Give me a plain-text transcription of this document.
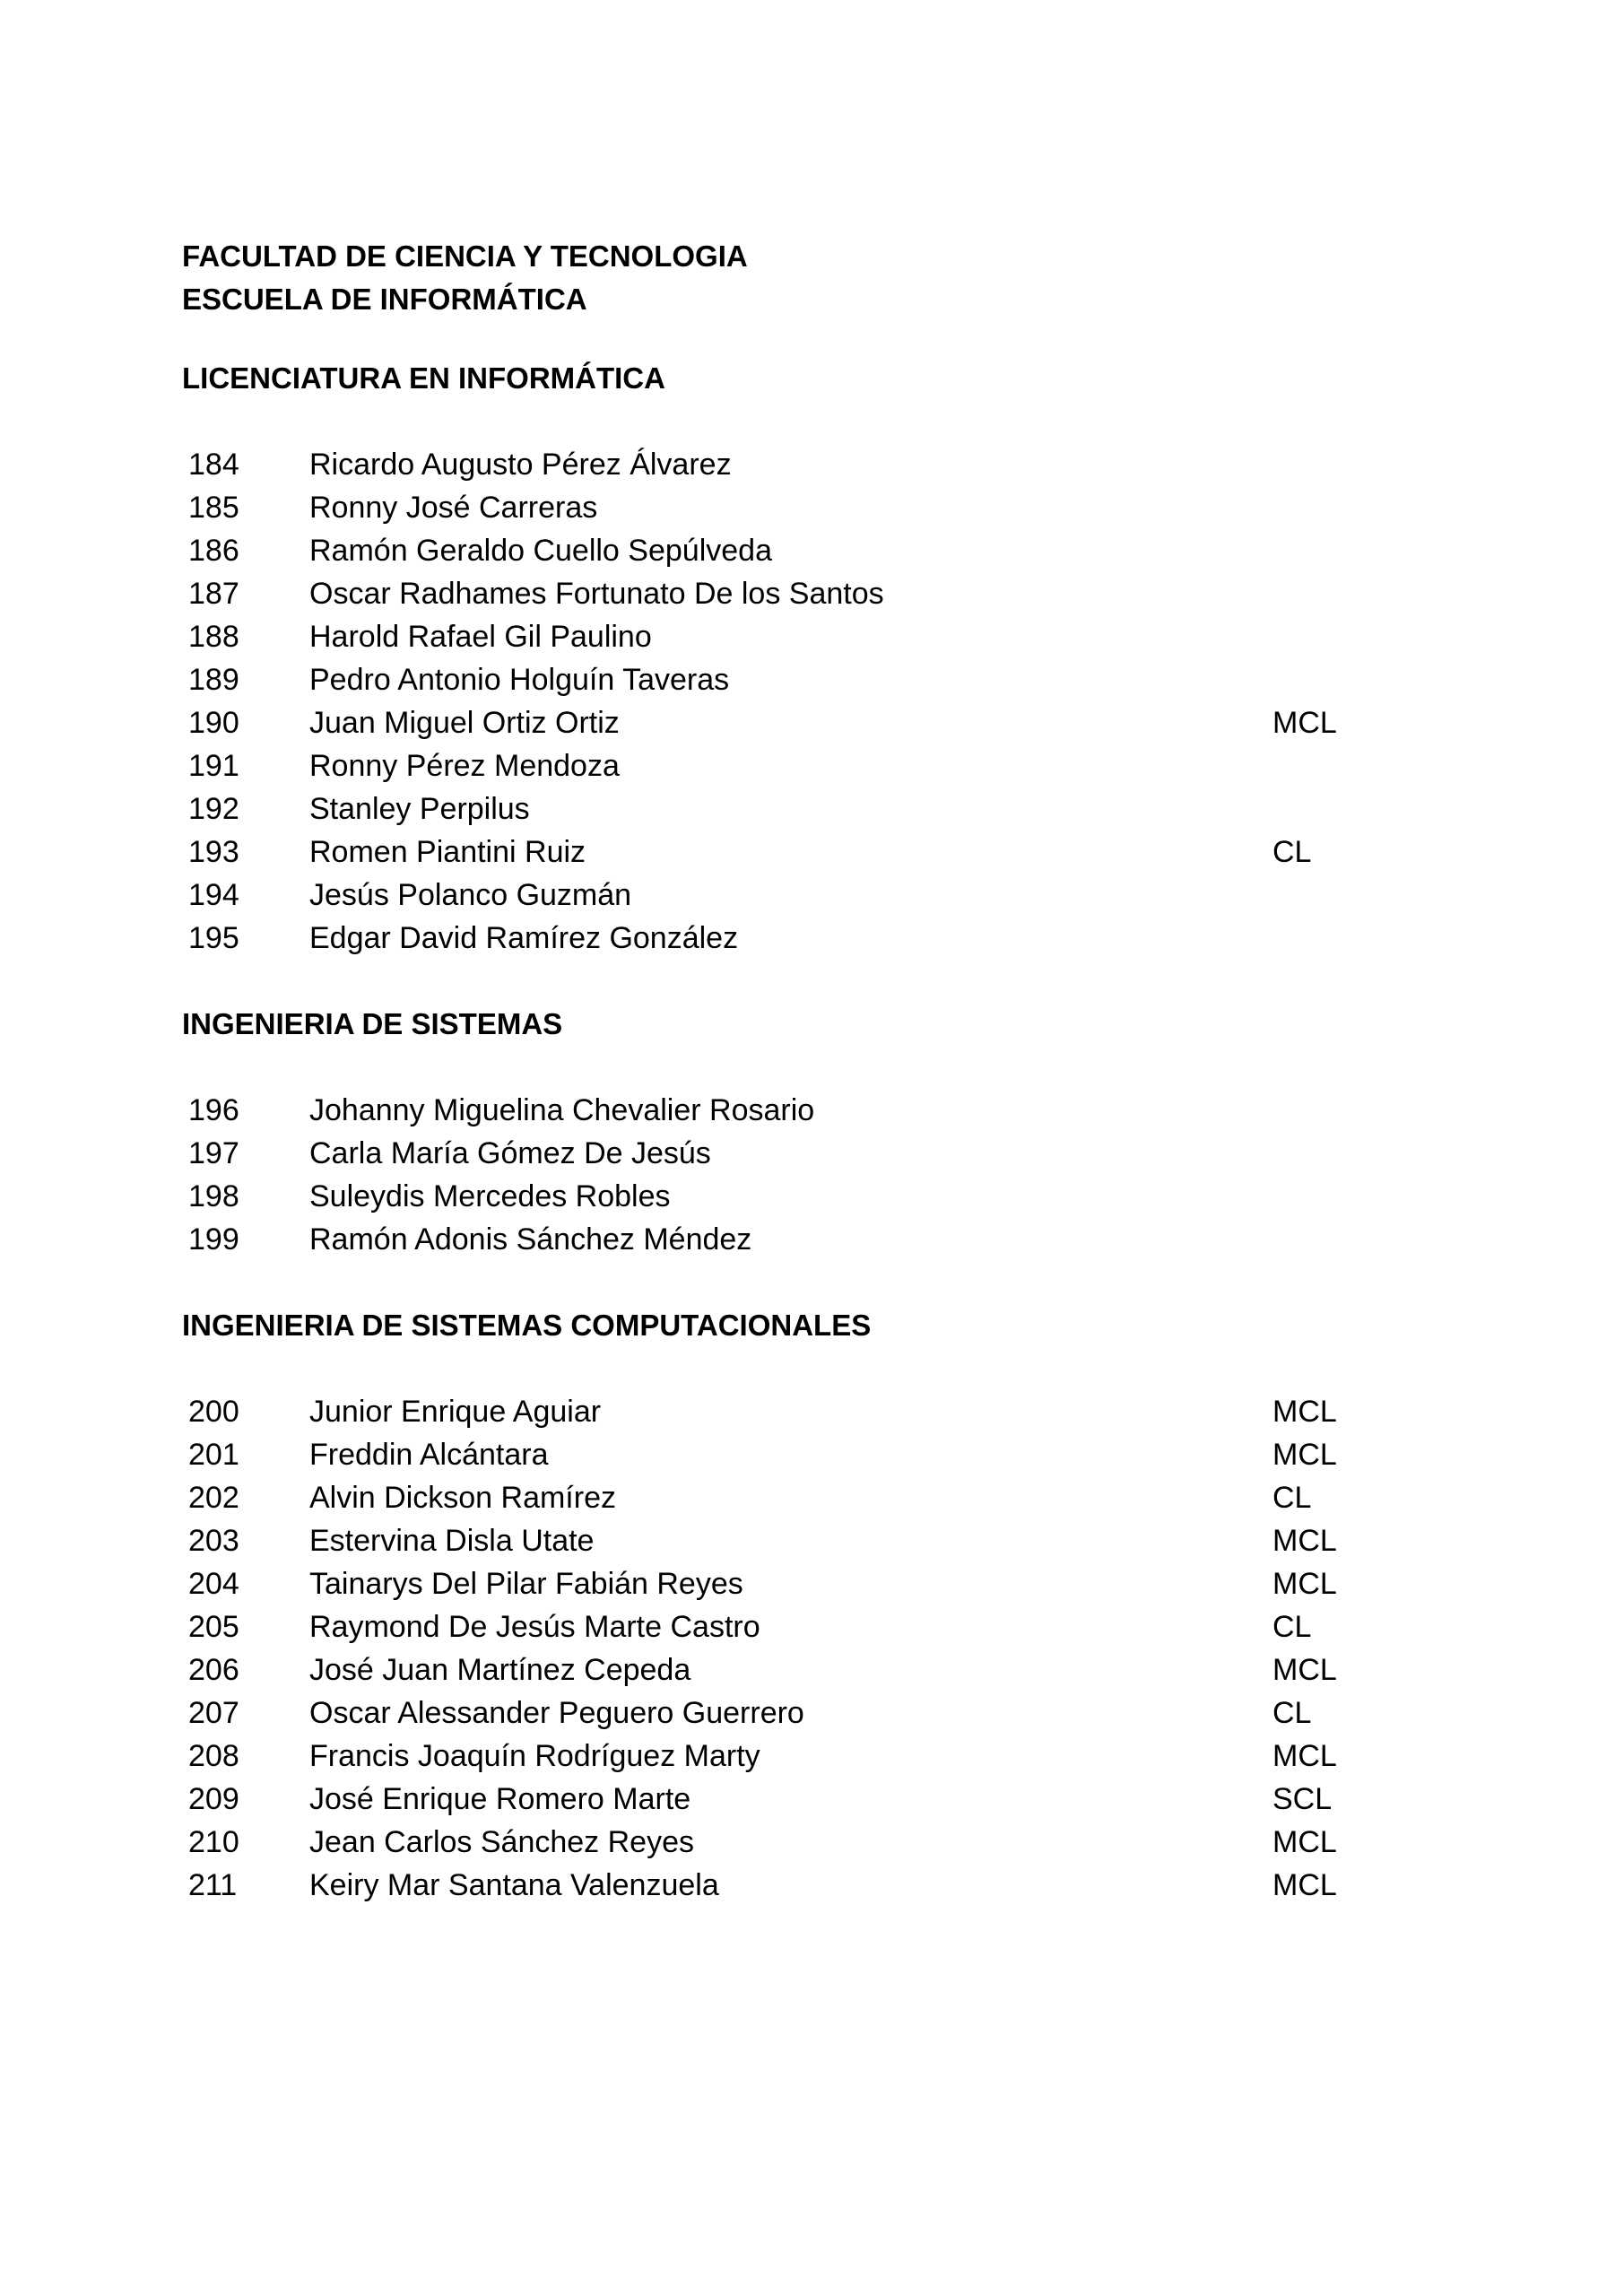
FACULTAD DE CIENCIA Y TECNOLOGIA
ESCUELA DE INFORMÁTICA
LICENCIATURA EN INFORMÁTICA
184 Ricardo Augusto Pérez Álvarez
185 Ronny José Carreras
186 Ramón Geraldo Cuello Sepúlveda
187 Oscar Radhames Fortunato De los Santos
188 Harold Rafael Gil Paulino
189 Pedro Antonio Holguín Taveras
190 Juan Miguel Ortiz Ortiz	MCL
191 Ronny Pérez Mendoza
192 Stanley Perpilus
193 Romen Piantini Ruiz	CL
194 Jesús Polanco Guzmán
195 Edgar David Ramírez González
INGENIERIA DE SISTEMAS
196 Johanny Miguelina Chevalier Rosario
197 Carla María Gómez De Jesús
198 Suleydis Mercedes Robles
199 Ramón Adonis Sánchez Méndez
INGENIERIA DE SISTEMAS COMPUTACIONALES
200 Junior Enrique Aguiar	MCL
201 Freddin Alcántara	MCL
202 Alvin Dickson Ramírez	CL
203 Estervina Disla Utate	MCL
204 Tainarys Del Pilar Fabián Reyes	MCL
205 Raymond De Jesús Marte Castro	CL
206 José Juan Martínez Cepeda	MCL
207 Oscar Alessander Peguero Guerrero	CL
208 Francis Joaquín Rodríguez Marty	MCL
209 José Enrique Romero Marte	SCL
210 Jean Carlos Sánchez Reyes	MCL
211 Keiry Mar Santana Valenzuela	MCL
